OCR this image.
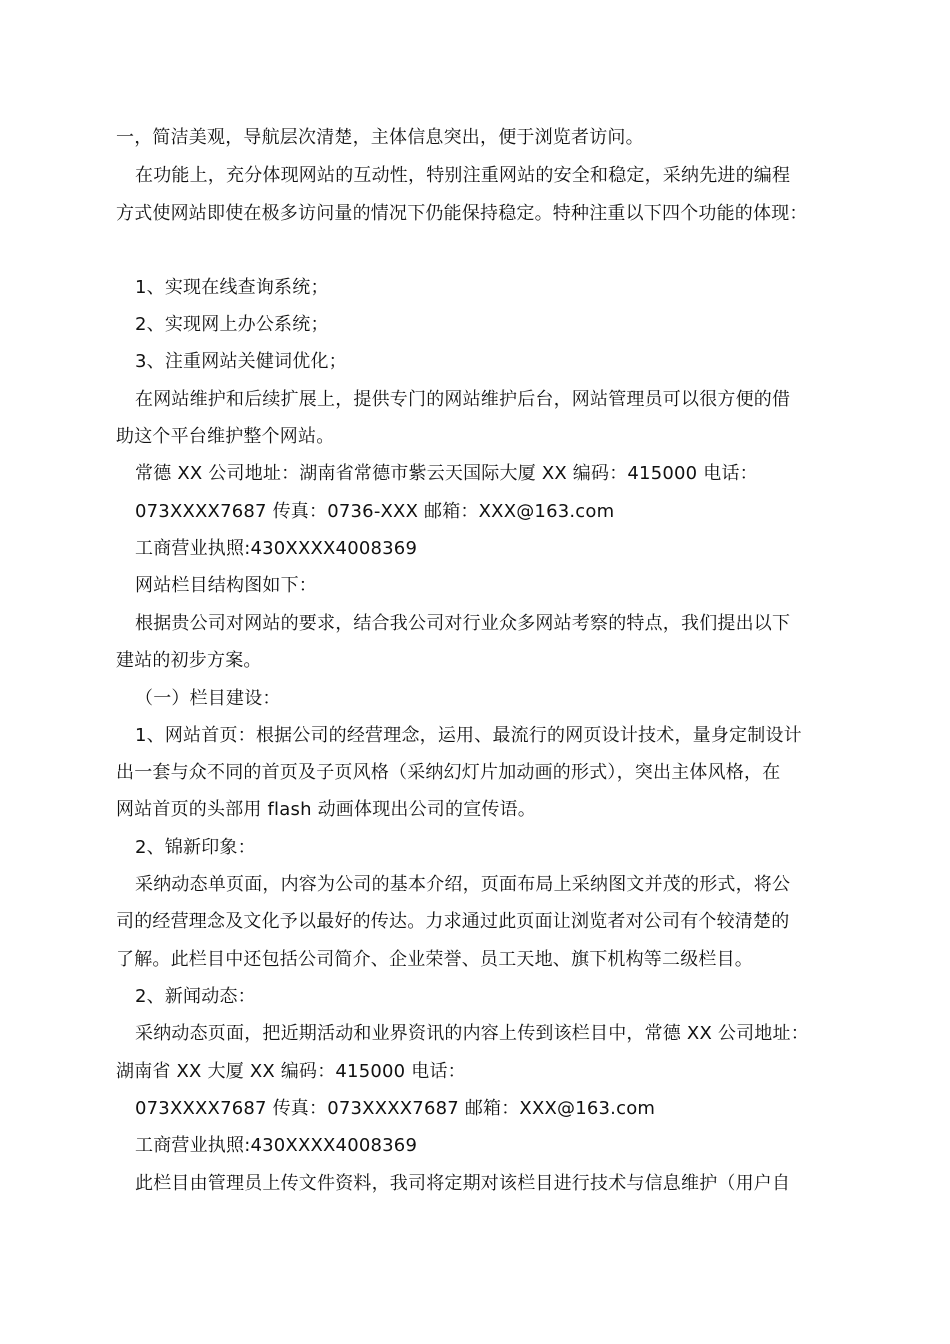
一，简洁美观，导航层次清楚，主体信息突出，便于浏览者访问。
在功能上，充分体现网站的互动性，特别注重网站的安全和稳定，采纳先进的编程
方式使网站即使在极多访问量的情况下仍能保持稳定。特种注重以下四个功能的体现：
1、实现在线查询系统；
2、实现网上办公系统；
3、注重网站关健词优化；
在网站维护和后续扩展上，提供专门的网站维护后台，网站管理员可以很方便的借
助这个平台维护整个网站。
常德 XX 公司地址：湖南省常德市紫云天国际大厦 XX 编码：415000 电话：
073XXXX7687 传真：0736-XXX 邮箱：XXX@163.com
工商营业执照:430XXXX4008369
网站栏目结构图如下：
根据贵公司对网站的要求，结合我公司对行业众多网站考察的特点，我们提出以下
建站的初步方案。
（一）栏目建设：
1、网站首页：根据公司的经营理念，运用、最流行的网页设计技术，量身定制设计
出一套与众不同的首页及子页风格（采纳幻灯片加动画的形式），突出主体风格，在
网站首页的头部用 flash 动画体现出公司的宣传语。
2、锦新印象：
采纳动态单页面，内容为公司的基本介绍，页面布局上采纳图文并茂的形式，将公
司的经营理念及文化予以最好的传达。力求通过此页面让浏览者对公司有个较清楚的
了解。此栏目中还包括公司简介、企业荣誉、员工天地、旗下机构等二级栏目。
2、新闻动态：
采纳动态页面，把近期活动和业界资讯的内容上传到该栏目中，常德 XX 公司地址：
湖南省 XX 大厦 XX 编码：415000 电话：
073XXXX7687 传真：073XXXX7687 邮箱：XXX@163.com
工商营业执照:430XXXX4008369
此栏目由管理员上传文件资料，我司将定期对该栏目进行技术与信息维护（用户自
